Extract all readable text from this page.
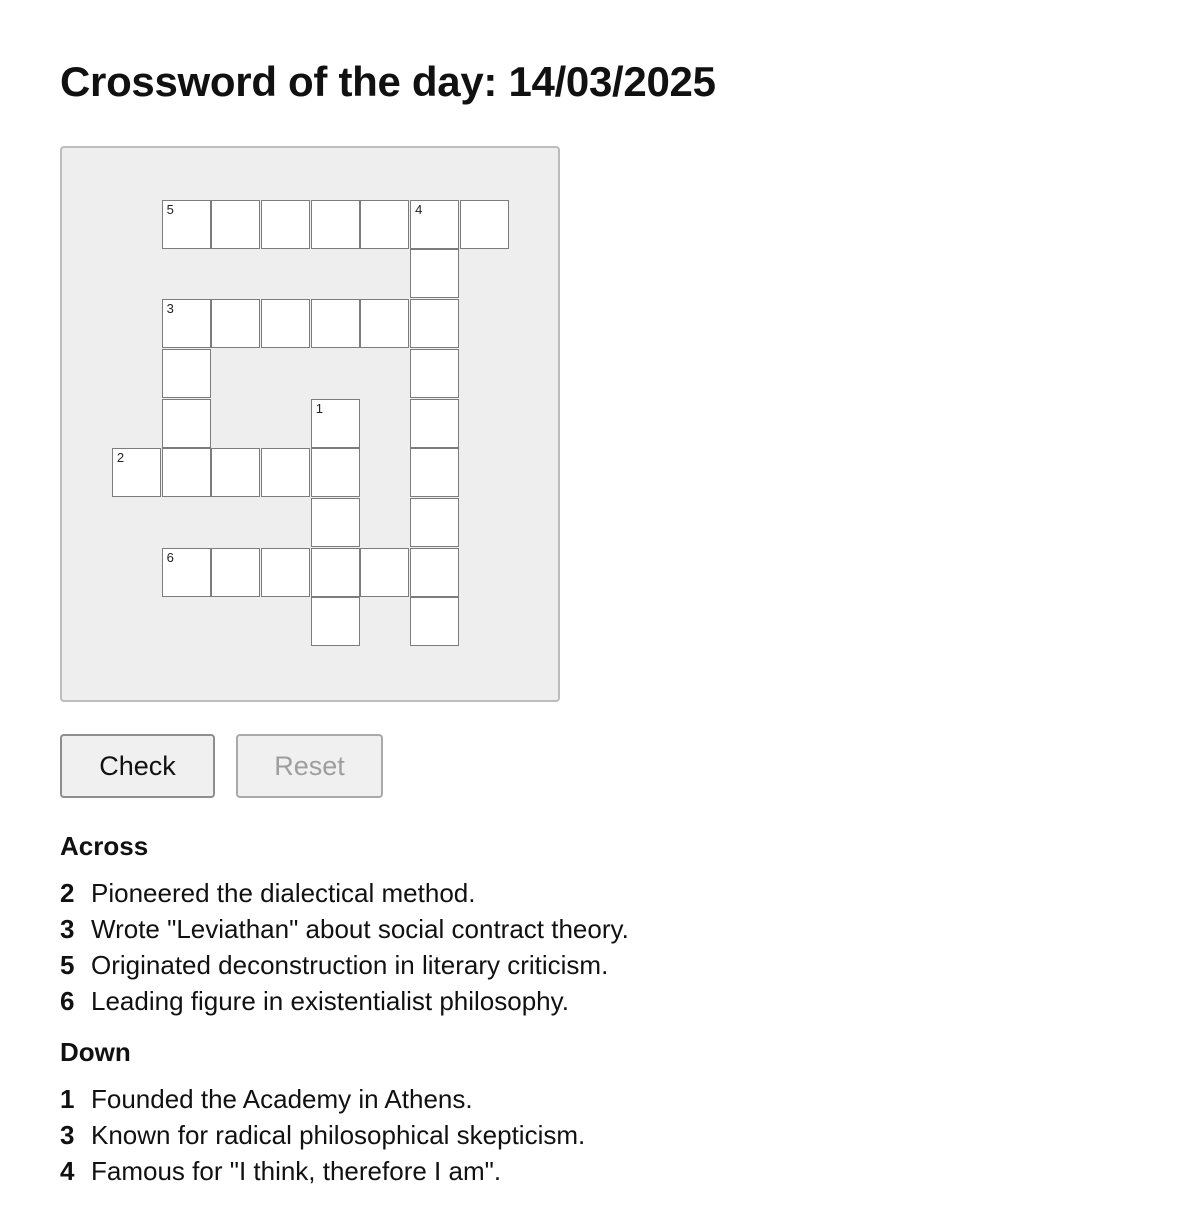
Crossword of the day: 14/03/2025
5	4
3
1
2
6
Check	Reset
Across
2 Pioneered the dialectical method.
3 Wrote "Leviathan" about social contract theory.
5 Originated deconstruction in literary criticism.
6 Leading figure in existentialist philosophy.
Down
1 Founded the Academy in Athens.
3 Known for radical philosophical skepticism.
4 Famous for "I think, therefore I am".
